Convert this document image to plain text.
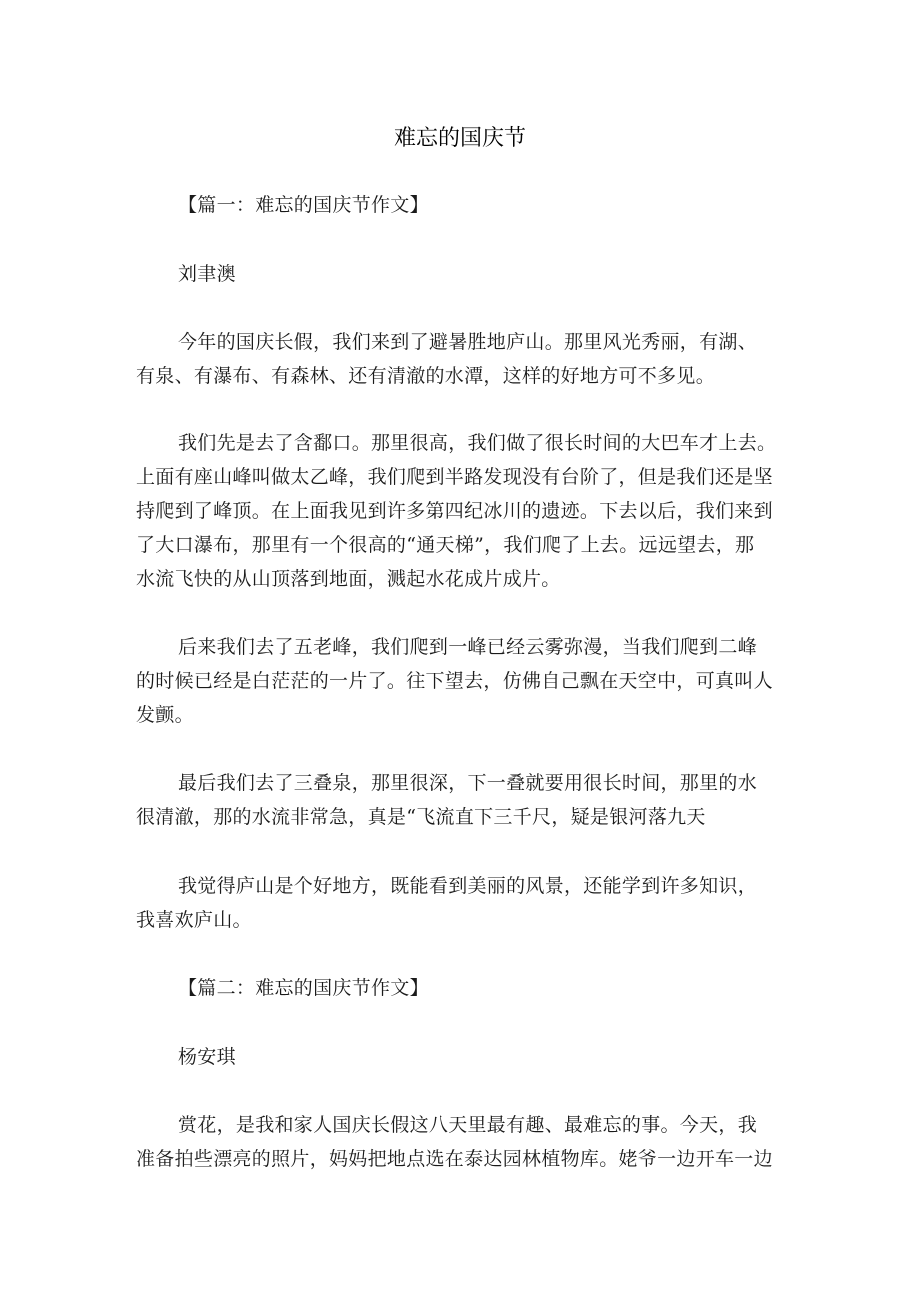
难忘的国庆节
【篇一：难忘的国庆节作文】
刘聿澳
今年的国庆长假，我们来到了避暑胜地庐山。那里风光秀丽，有湖、
有泉、有瀑布、有森林、还有清澈的水潭，这样的好地方可不多见。
我们先是去了含鄱口。那里很高，我们做了很长时间的大巴车才上去。
上面有座山峰叫做太乙峰，我们爬到半路发现没有台阶了，但是我们还是坚
持爬到了峰顶。在上面我见到许多第四纪冰川的遗迹。下去以后，我们来到
了大口瀑布，那里有一个很高的“通天梯”，我们爬了上去。远远望去，那
水流飞快的从山顶落到地面，溅起水花成片成片。
后来我们去了五老峰，我们爬到一峰已经云雾弥漫，当我们爬到二峰
的时候已经是白茫茫的一片了。往下望去，仿佛自己飘在天空中，可真叫人
发颤。
最后我们去了三叠泉，那里很深，下一叠就要用很长时间，那里的水
很清澈，那的水流非常急，真是“飞流直下三千尺，疑是银河落九天
我觉得庐山是个好地方，既能看到美丽的风景，还能学到许多知识，
我喜欢庐山。
【篇二：难忘的国庆节作文】
杨安琪
赏花，是我和家人国庆长假这八天里最有趣、最难忘的事。今天，我
准备拍些漂亮的照片，妈妈把地点选在泰达园林植物库。姥爷一边开车一边
